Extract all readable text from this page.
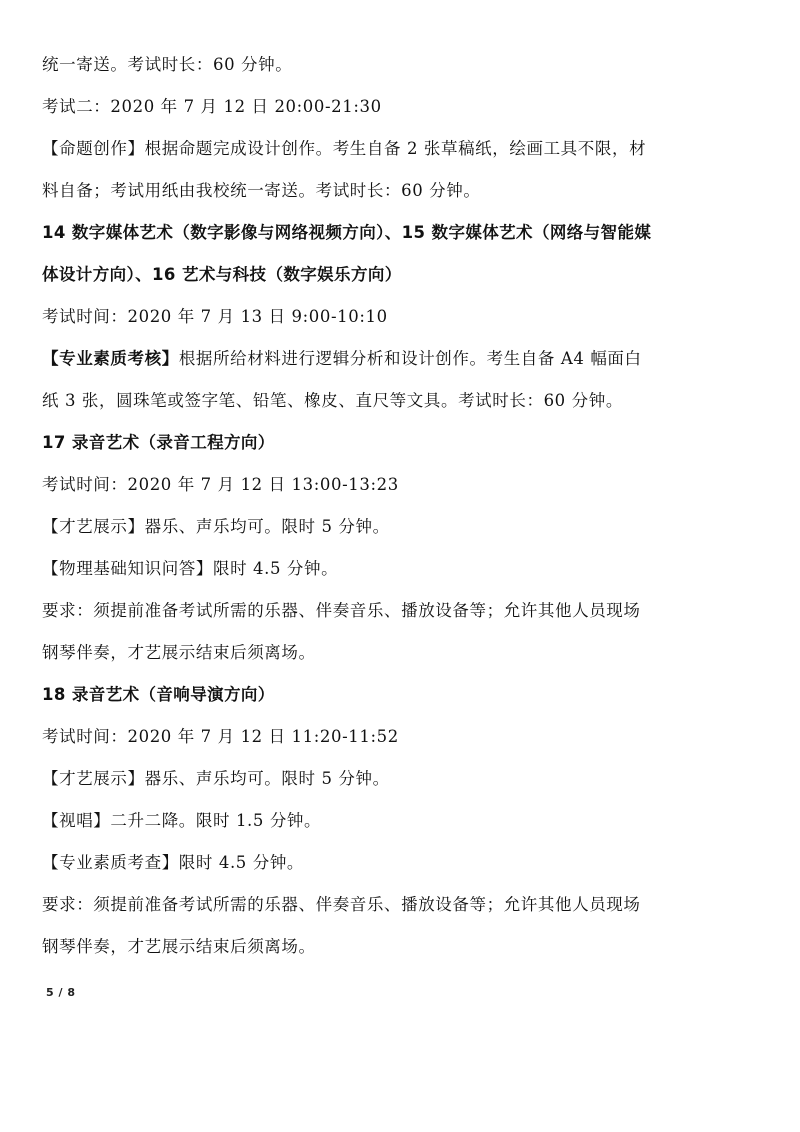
统一寄送。考试时长：60 分钟。
考试二：2020 年 7 月 12 日 20:00-21:30
【命题创作】根据命题完成设计创作。考生自备 2 张草稿纸，绘画工具不限，材
料自备；考试用纸由我校统一寄送。考试时长：60 分钟。
14 数字媒体艺术（数字影像与网络视频方向）、15 数字媒体艺术（网络与智能媒
体设计方向）、16 艺术与科技（数字娱乐方向）
考试时间：2020 年 7 月 13 日 9:00-10:10
【专业素质考核】根据所给材料进行逻辑分析和设计创作。考生自备 A4 幅面白
纸 3 张，圆珠笔或签字笔、铅笔、橡皮、直尺等文具。考试时长：60 分钟。
17 录音艺术（录音工程方向）
考试时间：2020 年 7 月 12 日 13:00-13:23
【才艺展示】器乐、声乐均可。限时 5 分钟。
【物理基础知识问答】限时 4.5 分钟。
要求：须提前准备考试所需的乐器、伴奏音乐、播放设备等；允许其他人员现场
钢琴伴奏，才艺展示结束后须离场。
18 录音艺术（音响导演方向）
考试时间：2020 年 7 月 12 日 11:20-11:52
【才艺展示】器乐、声乐均可。限时 5 分钟。
【视唱】二升二降。限时 1.5 分钟。
【专业素质考查】限时 4.5 分钟。
要求：须提前准备考试所需的乐器、伴奏音乐、播放设备等；允许其他人员现场
钢琴伴奏，才艺展示结束后须离场。
5 / 8
